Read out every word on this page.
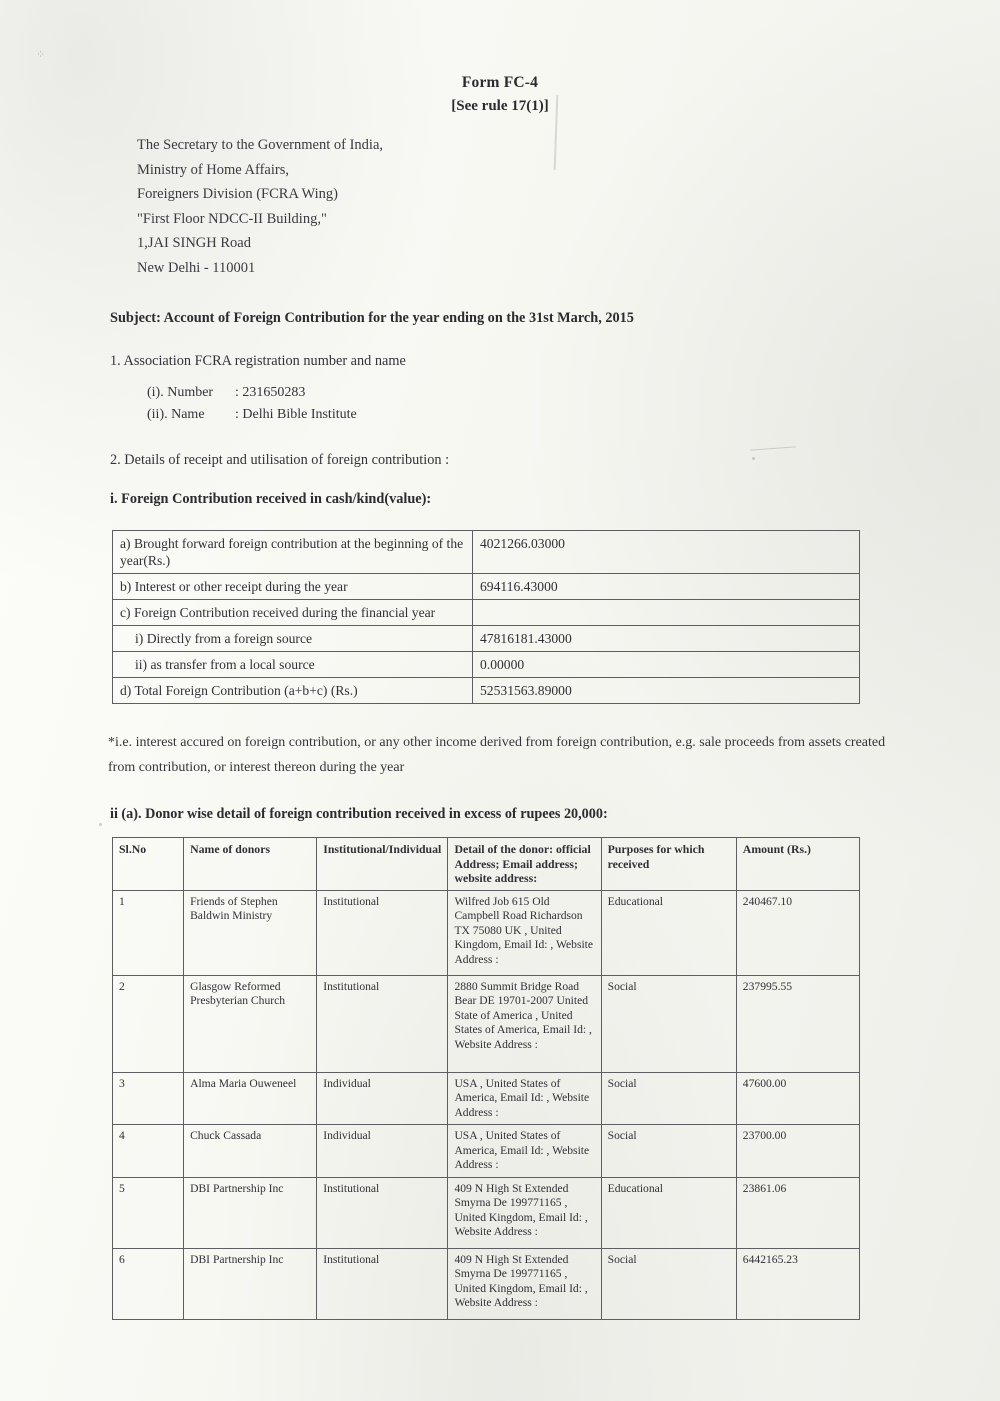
⁘
Form FC-4
[See rule 17(1)]
The Secretary to the Government of India,
Ministry of Home Affairs,
Foreigners Division (FCRA Wing)
"First Floor NDCC-II Building,"
1,JAI SINGH Road
New Delhi - 110001
Subject: Account of Foreign Contribution for the year ending on the 31st March, 2015
1. Association FCRA registration number and name
(i). Number : 231650283
(ii). Name : Delhi Bible Institute
2. Details of receipt and utilisation of foreign contribution :
i. Foreign Contribution received in cash/kind(value):
a) Brought forward foreign contribution at the beginning of the year(Rs.)	4021266.03000
b) Interest or other receipt during the year	694116.43000
c) Foreign Contribution received during the financial year	
i) Directly from a foreign source	47816181.43000
ii) as transfer from a local source	0.00000
d) Total Foreign Contribution (a+b+c) (Rs.)	52531563.89000
*i.e. interest accured on foreign contribution, or any other income derived from foreign contribution, e.g. sale proceeds from assets created from contribution, or interest thereon during the year
ii (a). Donor wise detail of foreign contribution received in excess of rupees 20,000:
Sl.No	Name of donors	Institutional/Individual	Detail of the donor: official Address; Email address; website address:	Purposes for which received	Amount (Rs.)
1	Friends of Stephen Baldwin Ministry	Institutional	Wilfred Job 615 Old Campbell Road Richardson TX 75080 UK , United Kingdom, Email Id: , Website Address :	Educational	240467.10
2	Glasgow Reformed Presbyterian Church	Institutional	2880 Summit Bridge Road Bear DE 19701-2007 United State of America , United States of America, Email Id: , Website Address :	Social	237995.55
3	Alma Maria Ouweneel	Individual	USA , United States of America, Email Id: , Website Address :	Social	47600.00
4	Chuck Cassada	Individual	USA , United States of America, Email Id: , Website Address :	Social	23700.00
5	DBI Partnership Inc	Institutional	409 N High St Extended Smyrna De 199771165 , United Kingdom, Email Id: , Website Address :	Educational	23861.06
6	DBI Partnership Inc	Institutional	409 N High St Extended Smyrna De 199771165 , United Kingdom, Email Id: , Website Address :	Social	6442165.23
